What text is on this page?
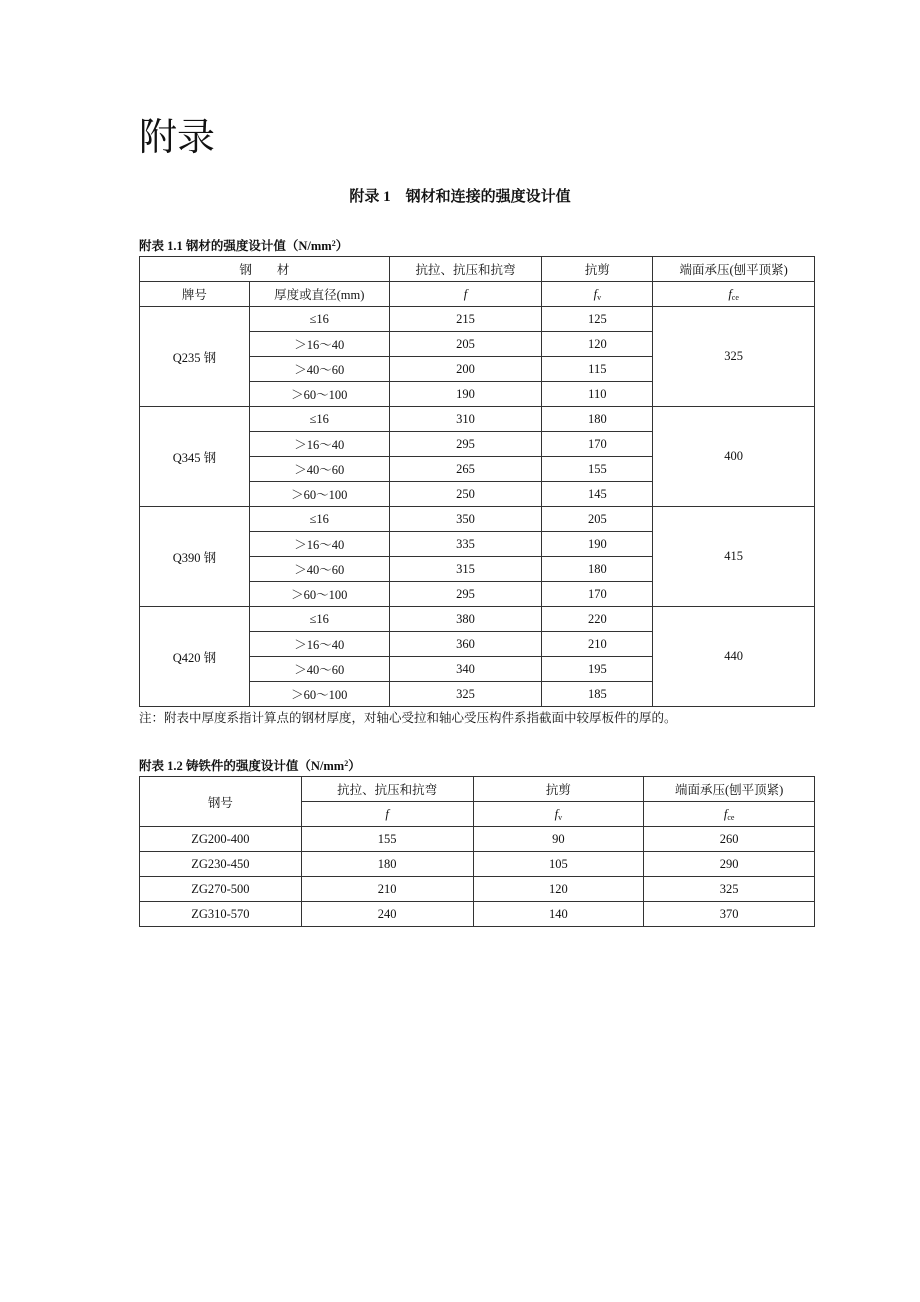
附录
附录 1　钢材和连接的强度设计值
附表 1.1 钢材的强度设计值$(N/mm^2)$
钢　　材		抗拉、抗压和抗弯	抗剪	端面承压(刨平顶紧)
牌号	厚度或直径(mm)	f	$f_v$	$f_{ce}$
Q235 钢	≤16	215	125	325
	＞16～40	205	120	
	＞40～60	200	115	
	＞60～100	190	110	
Q345 钢	≤16	310	180	400
	＞16～40	295	170	
	＞40～60	265	155	
	＞60～100	250	145	
Q390 钢	≤16	350	205	415
	＞16～40	335	190	
	＞40～60	315	180	
	＞60～100	295	170	
Q420 钢	≤16	380	220	440
	＞16～40	360	210	
	＞40～60	340	195	
	＞60～100	325	185	
注：附表中厚度系指计算点的钢材厚度，对轴心受拉和轴心受压构件系指截面中较厚板件的厚的。
附表 1.2 铸铁件的强度设计值$(N/mm^2)$
钢号	抗拉、抗压和抗弯	抗剪	端面承压(刨平顶紧)
	f	$f_v$	$f_{ce}$
ZG200-400	155	90	260
ZG230-450	180	105	290
ZG270-500	210	120	325
ZG310-570	240	140	370
